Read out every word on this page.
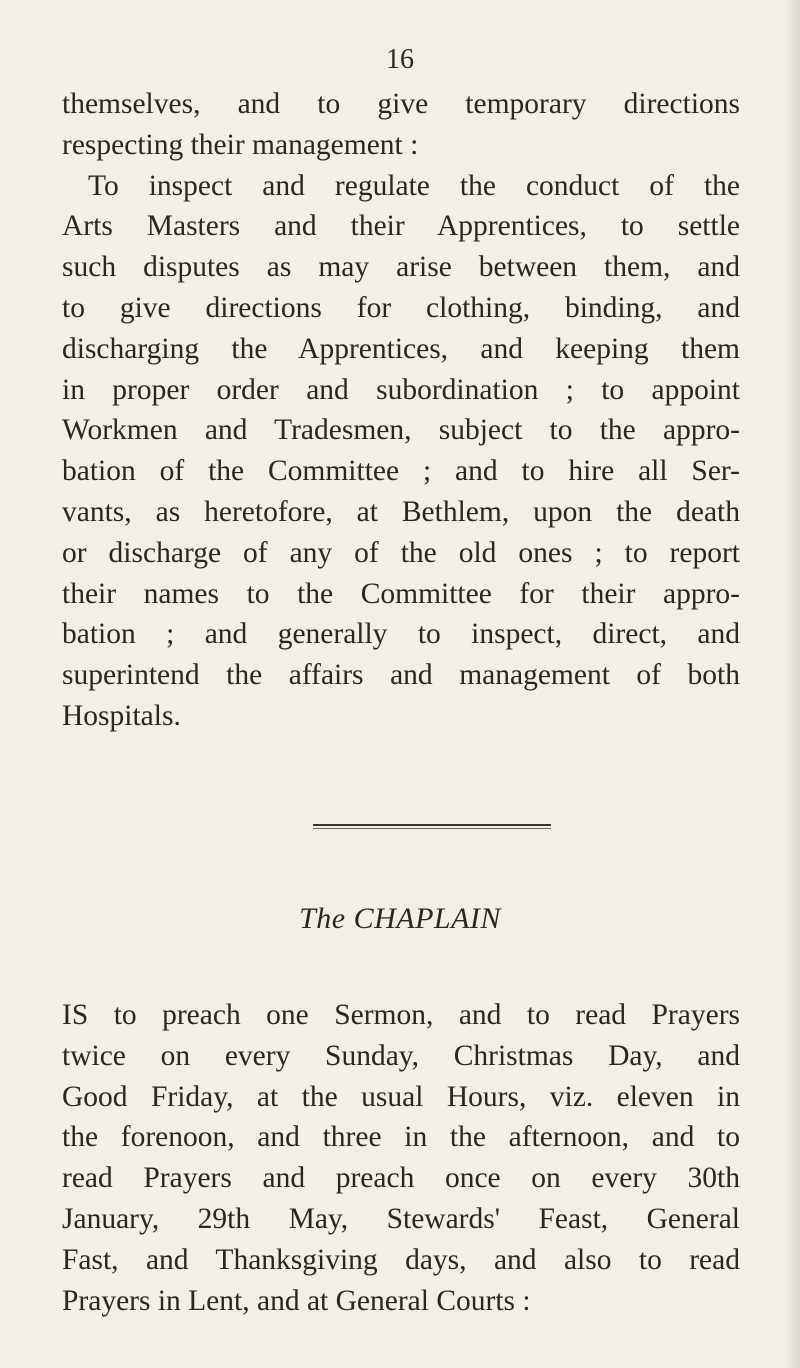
16
themselves, and to give temporary directions
respecting their management :
To inspect and regulate the conduct of the
Arts Masters and their Apprentices, to settle
such disputes as may arise between them, and
to give directions for clothing, binding, and
discharging the Apprentices, and keeping them
in proper order and subordination ; to appoint
Workmen and Tradesmen, subject to the appro-
bation of the Committee ; and to hire all Ser-
vants, as heretofore, at Bethlem, upon the death
or discharge of any of the old ones ; to report
their names to the Committee for their appro-
bation ; and generally to inspect, direct, and
superintend the affairs and management of both
Hospitals.
The CHAPLAIN
IS to preach one Sermon, and to read Prayers
twice on every Sunday, Christmas Day, and
Good Friday, at the usual Hours, viz. eleven in
the forenoon, and three in the afternoon, and to
read Prayers and preach once on every 30th
January, 29th May, Stewards' Feast, General
Fast, and Thanksgiving days, and also to read
Prayers in Lent, and at General Courts :
